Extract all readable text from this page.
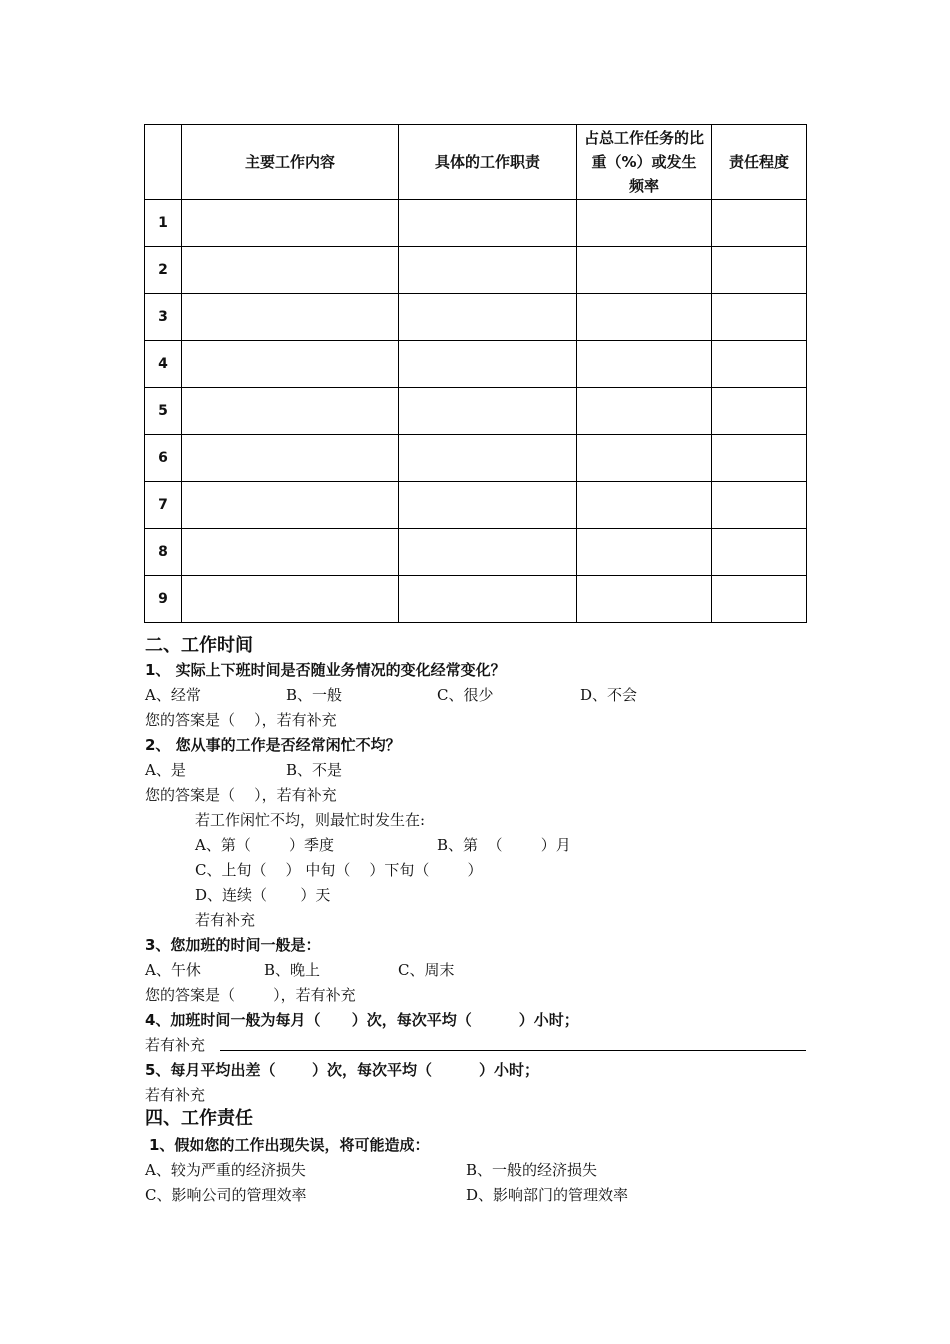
	主要工作内容	具体的工作职责	占总工作任务的比重（%）或发生频率	责任程度
1				
2				
3				
4				
5				
6				
7				
8				
9				
二、工作时间
1、 实际上下班时间是否随业务情况的变化经常变化？
A、经常	B、一般	C、很少	D、不会
您的答案是（    ），若有补充
2、 您从事的工作是否经常闲忙不均？
A、是	B、不是
您的答案是（    ），若有补充
若工作闲忙不均，则最忙时发生在:
A、第（        ）季度	B、第  （        ）月
C、上旬（    ） 中旬（    ）下旬（        ）
D、连续（       ）天
若有补充
3、您加班的时间一般是：
A、午休	B、晚上	C、周末
您的答案是（        ），若有补充
4、加班时间一般为每月（      ）次，每次平均（         ）小时；
若有补充
5、每月平均出差（       ）次，每次平均（         ）小时；
若有补充
四、工作责任
1、假如您的工作出现失误，将可能造成：
A、较为严重的经济损失	B、一般的经济损失
C、影响公司的管理效率	D、影响部门的管理效率
